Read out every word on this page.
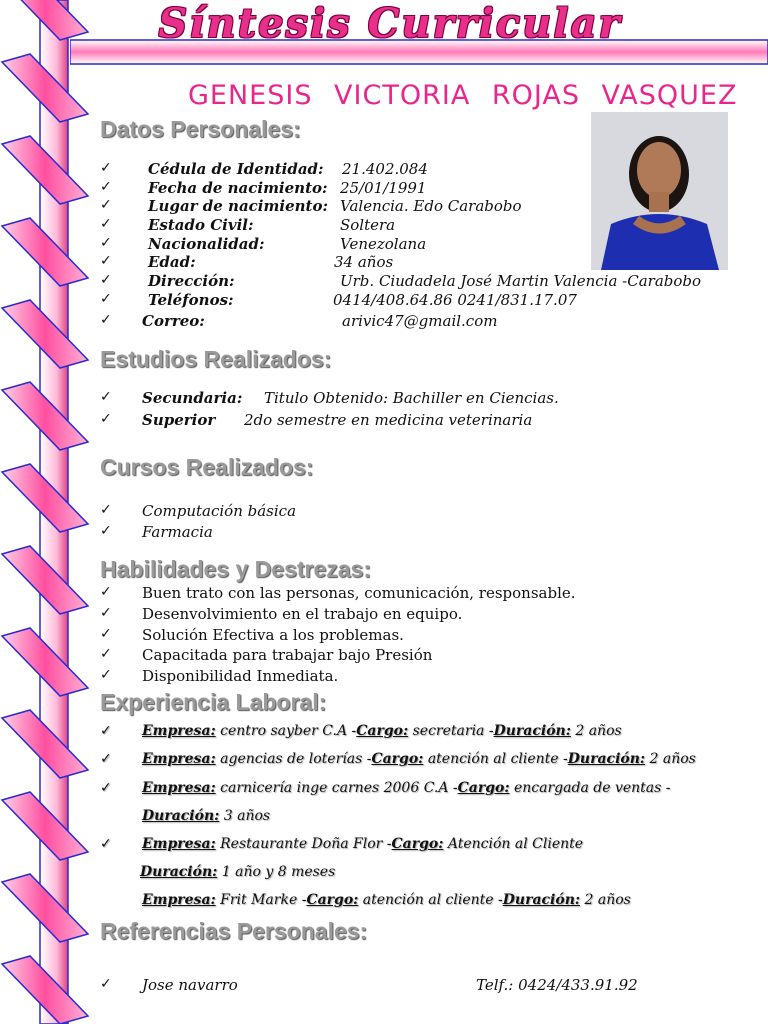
Síntesis Curricular
GENESIS VICTORIA ROJAS VASQUEZ
Datos Personales:
✓ Cédula de Identidad: 21.402.084
✓ Fecha de nacimiento: 25/01/1991
✓ Lugar de nacimiento: Valencia. Edo Carabobo
✓ Estado Civil:	Soltera
✓ Nacionalidad:	Venezolana
✓ Edad:	34 años
✓ Dirección:	Urb. Ciudadela José Martin Valencia -Carabobo
✓ Teléfonos:	0414/408.64.86 0241/831.17.07
✓ Correo:	arivic47@gmail.com
Estudios Realizados:
✓ Secundaria: Titulo Obtenido: Bachiller en Ciencias.
✓ Superior 2do semestre en medicina veterinaria
Cursos Realizados:
✓ Computación básica
✓ Farmacia
Habilidades y Destrezas:
✓ Buen trato con las personas, comunicación, responsable.
✓ Desenvolvimiento en el trabajo en equipo.
✓ Solución Efectiva a los problemas.
✓ Capacitada para trabajar bajo Presión
✓ Disponibilidad Inmediata.
Experiencia Laboral:
✓ Empresa: centro sayber C.A -Cargo: secretaria -Duración: 2 años
✓ Empresa: agencias de loterías -Cargo: atención al cliente -Duración: 2 años
✓ Empresa: carnicería inge carnes 2006 C.A -Cargo: encargada de ventas -
Duración: 3 años
✓ Empresa: Restaurante Doña Flor -Cargo: Atención al Cliente
Duración: 1 año y 8 meses
Empresa: Frit Marke -Cargo: atención al cliente -Duración: 2 años
Referencias Personales:
✓ Jose navarro	Telf.: 0424/433.91.92
